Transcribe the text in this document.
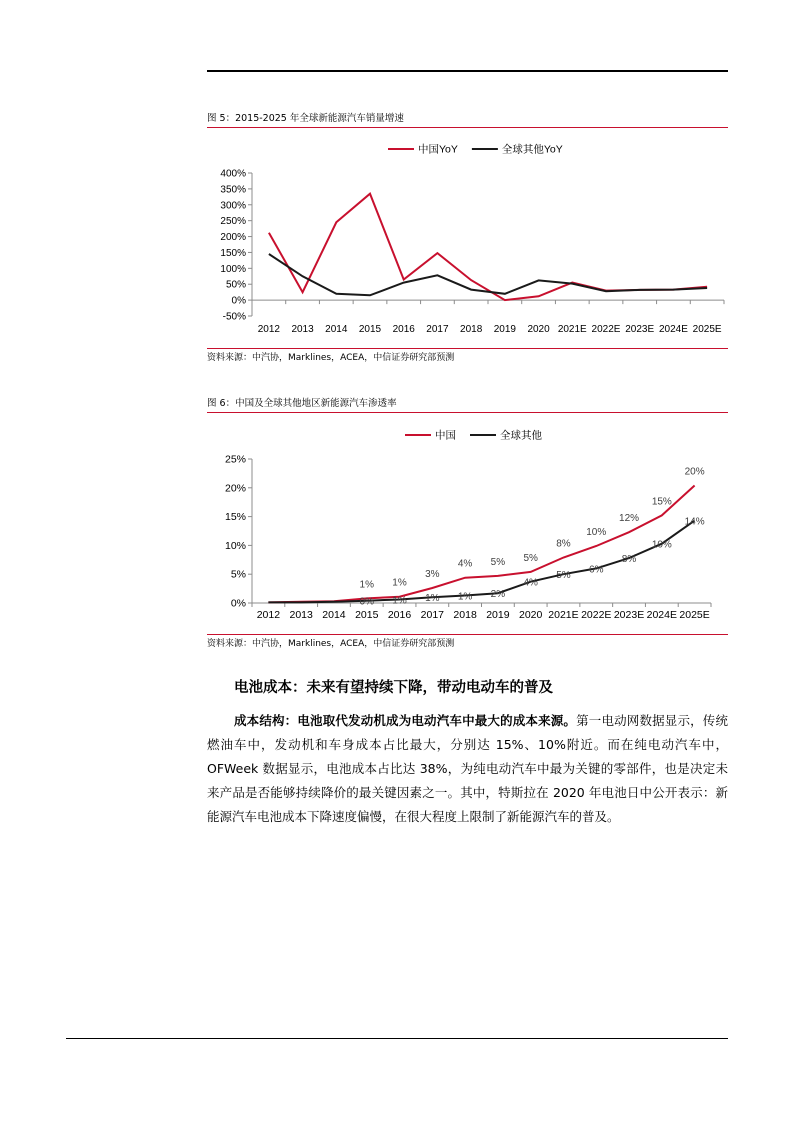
图 5：2015-2025 年全球新能源汽车销量增速
-50%
0%
50%
100%
150%
200%
250%
300%
350%
400%
2012 2013 2014 2015 2016 2017 2018 2019 2020 2021E 2022E 2023E 2024E 2025E
中国YoY	全球其他YoY
资料来源：中汽协，Marklines，ACEA，中信证券研究部预测
图 6：中国及全球其他地区新能源汽车渗透率
0%
5%
10%
15%
20%
25%
2012 2013 2014 2015 2016 2017 2018 2019 2020 2021E 2022E 2023E 2024E 2025E
1% 1%
3%
4% 5% 5%
8%
10%
12%
15%
20%
0% 1% 1% 1% 2%
4%
5%
6%
8%
10%
14%
中国	全球其他
资料来源：中汽协，Marklines，ACEA，中信证券研究部预测
电池成本：未来有望持续下降，带动电动车的普及

成本结构：电池取代发动机成为电动汽车中最大的成本来源。第一电动网数据显示，传统燃油车中，发动机和车身成本占比最大，分别达 15%、10%附近。而在纯电动汽车中，OFWeek 数据显示，电池成本占比达 38%，为纯电动汽车中最为关键的零部件，也是决定未来产品是否能够持续降价的最关键因素之一。其中，特斯拉在 2020 年电池日中公开表示：新能源汽车电池成本下降速度偏慢，在很大程度上限制了新能源汽车的普及。
